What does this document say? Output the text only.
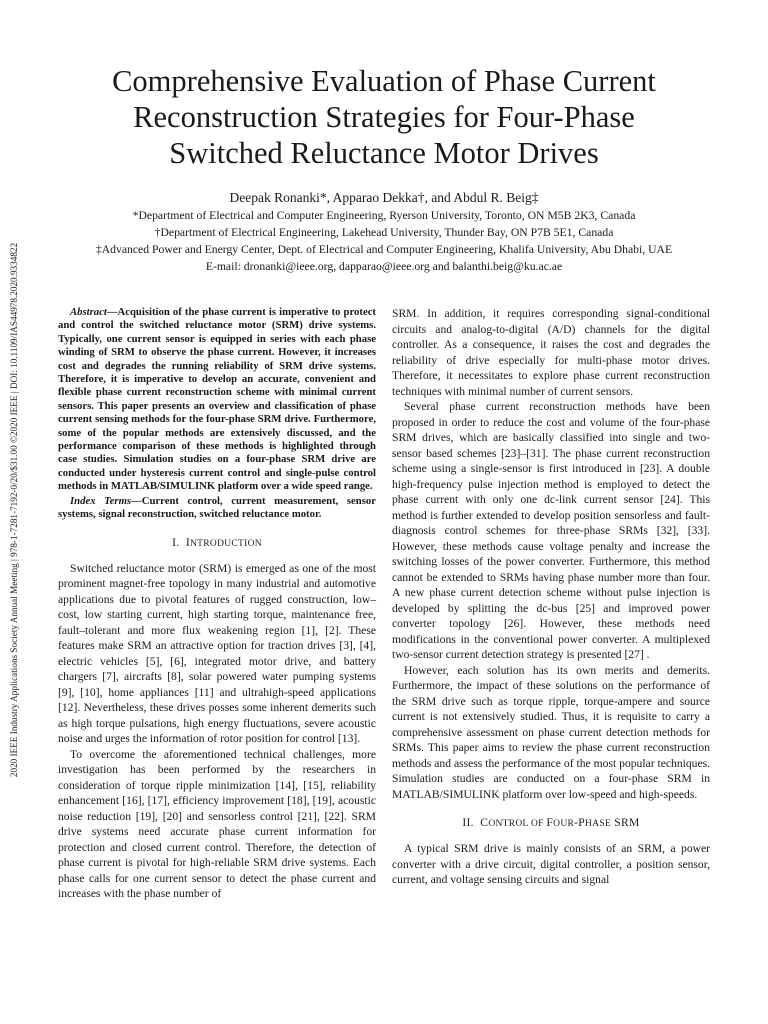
2020 IEEE Industry Applications Society Annual Meeting | 978-1-7281-7192-0/20/$31.00 ©2020 IEEE | DOI: 10.1109/IAS44978.2020.9334822
Comprehensive Evaluation of Phase Current
Reconstruction Strategies for Four-Phase
Switched Reluctance Motor Drives
Deepak Ronanki*, Apparao Dekka†, and Abdul R. Beig‡
*Department of Electrical and Computer Engineering, Ryerson University, Toronto, ON M5B 2K3, Canada
†Department of Electrical Engineering, Lakehead University, Thunder Bay, ON P7B 5E1, Canada
‡Advanced Power and Energy Center, Dept. of Electrical and Computer Engineering, Khalifa University, Abu Dhabi, UAE
E-mail: dronanki@ieee.org, dapparao@ieee.org and balanthi.beig@ku.ac.ae

Abstract—Acquisition of the phase current is imperative to protect and control the switched reluctance motor (SRM) drive systems. Typically, one current sensor is equipped in series with each phase winding of SRM to observe the phase current. However, it increases cost and degrades the running reliability of SRM drive systems. Therefore, it is imperative to develop an accurate, convenient and flexible phase current reconstruction scheme with minimal current sensors. This paper presents an overview and classification of phase current sensing methods for the four-phase SRM drive. Furthermore, some of the popular methods are extensively discussed, and the performance comparison of these methods is highlighted through case studies. Simulation studies on a four-phase SRM drive are conducted under hysteresis current control and single-pulse control methods in MATLAB/SIMULINK platform over a wide speed range.

Index Terms—Current control, current measurement, sensor systems, signal reconstruction, switched reluctance motor.

I. INTRODUCTION

Switched reluctance motor (SRM) is emerged as one of the most prominent magnet-free topology in many industrial and automotive applications due to pivotal features of rugged construction, low–cost, low starting current, high starting torque, maintenance free, fault–tolerant and more flux weakening region [1], [2]. These features make SRM an attractive option for traction drives [3], [4], electric vehicles [5], [6], integrated motor drive, and battery chargers [7], aircrafts [8], solar powered water pumping systems [9], [10], home appliances [11] and ultrahigh-speed applications [12]. Nevertheless, these drives posses some inherent demerits such as high torque pulsations, high energy fluctuations, severe acoustic noise and urges the information of rotor position for control [13].

To overcome the aforementioned technical challenges, more investigation has been performed by the researchers in consideration of torque ripple minimization [14], [15], reliability enhancement [16], [17], efficiency improvement [18], [19], acoustic noise reduction [19], [20] and sensorless control [21], [22]. SRM drive systems need accurate phase current information for protection and closed current control. Therefore, the detection of phase current is pivotal for high-reliable SRM drive systems. Each phase calls for one current sensor to detect the phase current and increases with the phase number of

SRM. In addition, it requires corresponding signal-conditional circuits and analog-to-digital (A/D) channels for the digital controller. As a consequence, it raises the cost and degrades the reliability of drive especially for multi-phase motor drives. Therefore, it necessitates to explore phase current reconstruction techniques with minimal number of current sensors.

Several phase current reconstruction methods have been proposed in order to reduce the cost and volume of the four-phase SRM drives, which are basically classified into single and two-sensor based schemes [23]–[31]. The phase current reconstruction scheme using a single-sensor is first introduced in [23]. A double high-frequency pulse injection method is employed to detect the phase current with only one dc-link current sensor [24]. This method is further extended to develop position sensorless and fault-diagnosis control schemes for three-phase SRMs [32], [33]. However, these methods cause voltage penalty and increase the switching losses of the power converter. Furthermore, this method cannot be extended to SRMs having phase number more than four. A new phase current detection scheme without pulse injection is developed by splitting the dc-bus [25] and improved power converter topology [26]. However, these methods need modifications in the conventional power converter. A multiplexed two-sensor current detection strategy is presented [27] .

However, each solution has its own merits and demerits. Furthermore, the impact of these solutions on the performance of the SRM drive such as torque ripple, torque-ampere and source current is not extensively studied. Thus, it is requisite to carry a comprehensive assessment on phase current detection methods for SRMs. This paper aims to review the phase current reconstruction methods and assess the performance of the most popular techniques. Simulation studies are conducted on a four-phase SRM in MATLAB/SIMULINK platform over low-speed and high-speeds.

II. CONTROL OF FOUR-PHASE SRM

A typical SRM drive is mainly consists of an SRM, a power converter with a drive circuit, digital controller, a position sensor, current, and voltage sensing circuits and signal
